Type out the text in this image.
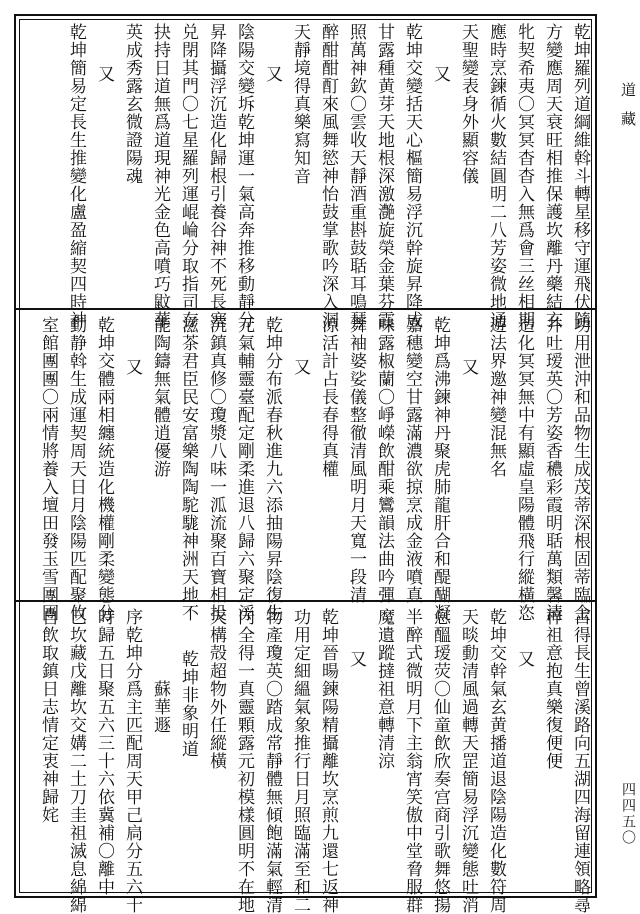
乾坤羅列道綱維斡斗轉星移守運飛伏隨
方變應周天衰旺相推保護坎離丹藥結玄
牝契希夷〇冥冥杳杳入無爲會三丝相期
應時烹鍊循火數結圓明二八芳姿微地通
天聖變表身外顯容儀
又
乾坤交變括天心樞簡易浮沉幹旋昇降成
甘露種黄芽天地根深激灔旋榮金葉芬霞
照萬神欽〇雲收天靜酒重斟鼓聒耳鳴琴
醉酣酣酊來風舞慾神怡鼓掌歌吟深入洞
天靜境得真樂寫知音
又
陰陽交變坼乾坤運一氣高奔推移動靜分
昇降攝浮沉造化歸根引養谷神不死長塞
兑閉其門〇七星羅列運崐崘分取指司存
抉持日道無爲道現神光金色高噴巧鼤華
英成秀露玄微證陽魂
又
乾坤簡易定長生推變化盧盈縮契四時神
功用泄沖和品物生成茂蒂深根固蒂臨金
井吐瑷英〇芳姿香穠彩霞明聒萬類馨清
造化冥冥無中有顯虛皇陽體飛行縱橫恣
遊法界邀神變混無名
又
乾坤爲沸鍊神丹聚虎肺龍肝合和醍醐凝
嘉穗變空甘露滿濃欲掠烹成金液噴真
味露椒蘭〇崢嶸飲酣乘鸞韻法曲吟彈
舞袖婆娑儀整徹清風明月天寬一段清
涼活計占長春得真權
又
乾坤分布派春秋進九六添抽陽昇陰復生
元氣輔靈臺配定剛柔進退八歸六聚定浮
沉鎮真修〇瓊漿八味一泒流聚百寶相投
滋茶君臣民安富樂陶陶駝駹神洲天地不
能陶鑄無氣體逍優游
又
乾坤交體兩相纏統造化機權剛柔變態分
動静斡生成運契周天日月陰陽匹配聚攸
室館團團〇兩情將養入壇田發玉雪團團
占得長生曾溪路向五湖四海留連領略尋
梓祖意抱真樂復便便
又
乾坤交幹氣玄黄播道退陰陽造化數符周
天晱動清風過轉天罡簡易浮沉變態吐消
息醞瑷荧〇仙童飲欣奏宫商引歌舞悠揚
半醉式微明月下主翁宵笑傲中堂脅服群
魔遺蹤撻祖意轉清涼
又
乾坤晉暘鍊陽精攝離坎烹煎九還七返神
功用定細縕氣象推行日月照臨滿至和二
物產瓊英〇踏成常靜體無傾飽滿氣輕清
内全得一真靈顆露元初模樣圓明不在地
天構殻超物外任縱橫
乾坤非象明道
蘇華遯
序乾坤分爲主匹配周天甲己扃分五六十
時歸五日聚五六三十六依冀補〇離中
已坎藏戊離坎交媾二土刀圭祖滅息綿綿
自飲取鎮日志情定衷神歸姹
道藏
四四五〇
